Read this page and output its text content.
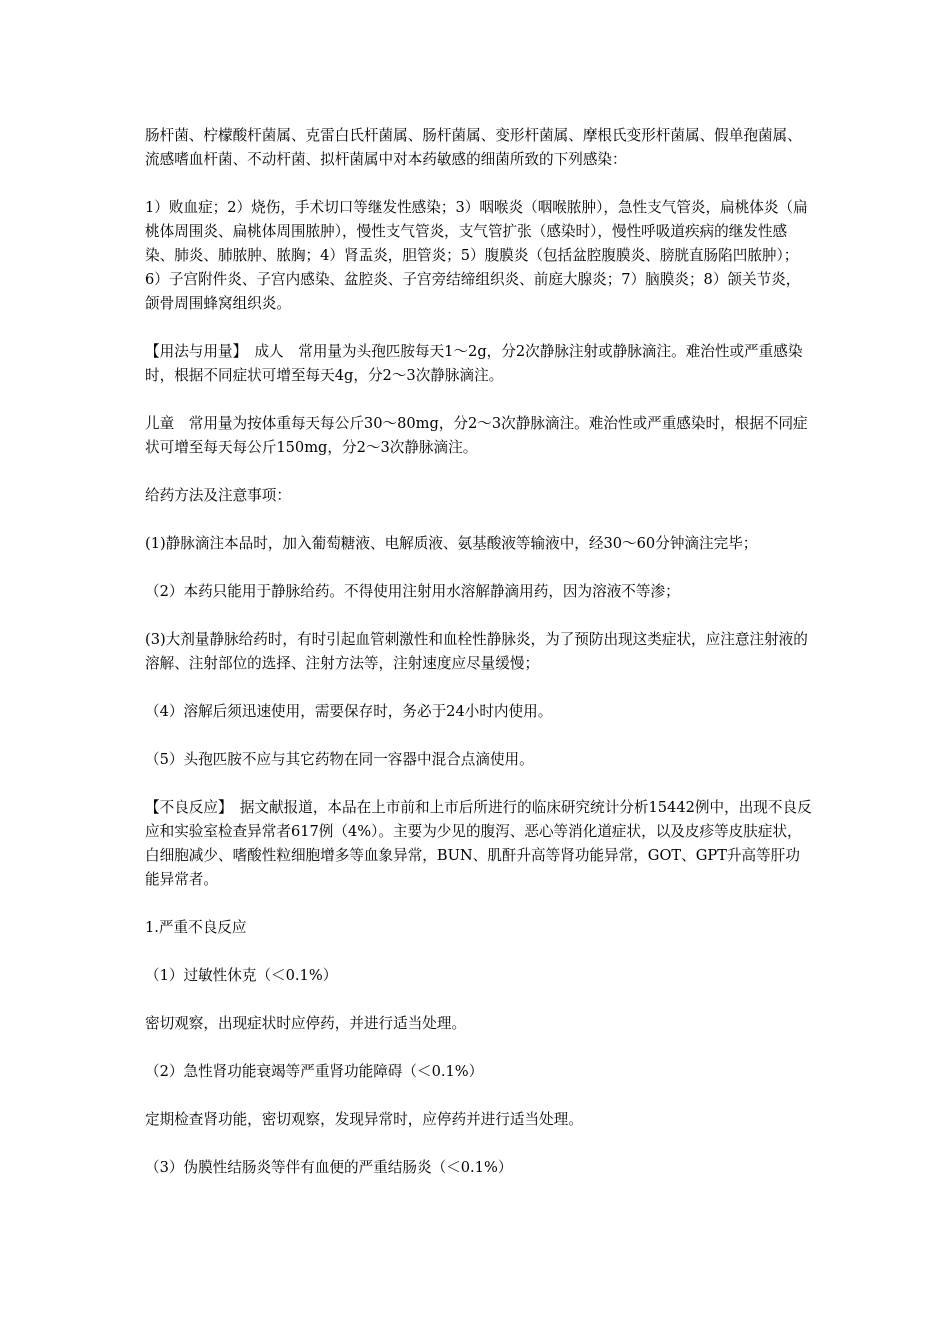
肠杆菌、柠檬酸杆菌属、克雷白氏杆菌属、肠杆菌属、变形杆菌属、摩根氏变形杆菌属、假单孢菌属、流感嗜血杆菌、不动杆菌、拟杆菌属中对本药敏感的细菌所致的下列感染：

1）败血症；2）烧伤，手术切口等继发性感染；3）咽喉炎（咽喉脓肿），急性支气管炎，扁桃体炎（扁桃体周围炎、扁桃体周围脓肿），慢性支气管炎，支气管扩张（感染时），慢性呼吸道疾病的继发性感染、肺炎、肺脓肿、脓胸；4）肾盂炎，胆管炎；5）腹膜炎（包括盆腔腹膜炎、膀胱直肠陷凹脓肿）；6）子宫附件炎、子宫内感染、盆腔炎、子宫旁结缔组织炎、前庭大腺炎；7）脑膜炎；8）颌关节炎，颌骨周围蜂窝组织炎。

【用法与用量】　成人　常用量为头孢匹胺每天1～2g，分2次静脉注射或静脉滴注。难治性或严重感染时，根据不同症状可增至每天4g，分2～3次静脉滴注。

儿童　常用量为按体重每天每公斤30～80mg，分2～3次静脉滴注。难治性或严重感染时，根据不同症状可增至每天每公斤150mg，分2～3次静脉滴注。

给药方法及注意事项：

(1)静脉滴注本品时，加入葡萄糖液、电解质液、氨基酸液等输液中，经30～60分钟滴注完毕；

（2）本药只能用于静脉给药。不得使用注射用水溶解静滴用药，因为溶液不等渗；

(3)大剂量静脉给药时，有时引起血管刺激性和血栓性静脉炎，为了预防出现这类症状，应注意注射液的溶解、注射部位的选择、注射方法等，注射速度应尽量缓慢；

（4）溶解后须迅速使用，需要保存时，务必于24小时内使用。

（5）头孢匹胺不应与其它药物在同一容器中混合点滴使用。

【不良反应】　据文献报道，本品在上市前和上市后所进行的临床研究统计分析15442例中，出现不良反应和实验室检查异常者617例（4%）。主要为少见的腹泻、恶心等消化道症状，以及皮疹等皮肤症状，白细胞减少、嗜酸性粒细胞增多等血象异常，BUN、肌酐升高等肾功能异常，GOT、GPT升高等肝功能异常者。

1.严重不良反应

（1）过敏性休克（＜0.1%）

密切观察，出现症状时应停药，并进行适当处理。

（2）急性肾功能衰竭等严重肾功能障碍（＜0.1%）

定期检查肾功能，密切观察，发现异常时，应停药并进行适当处理。

（3）伪膜性结肠炎等伴有血便的严重结肠炎（＜0.1%）
